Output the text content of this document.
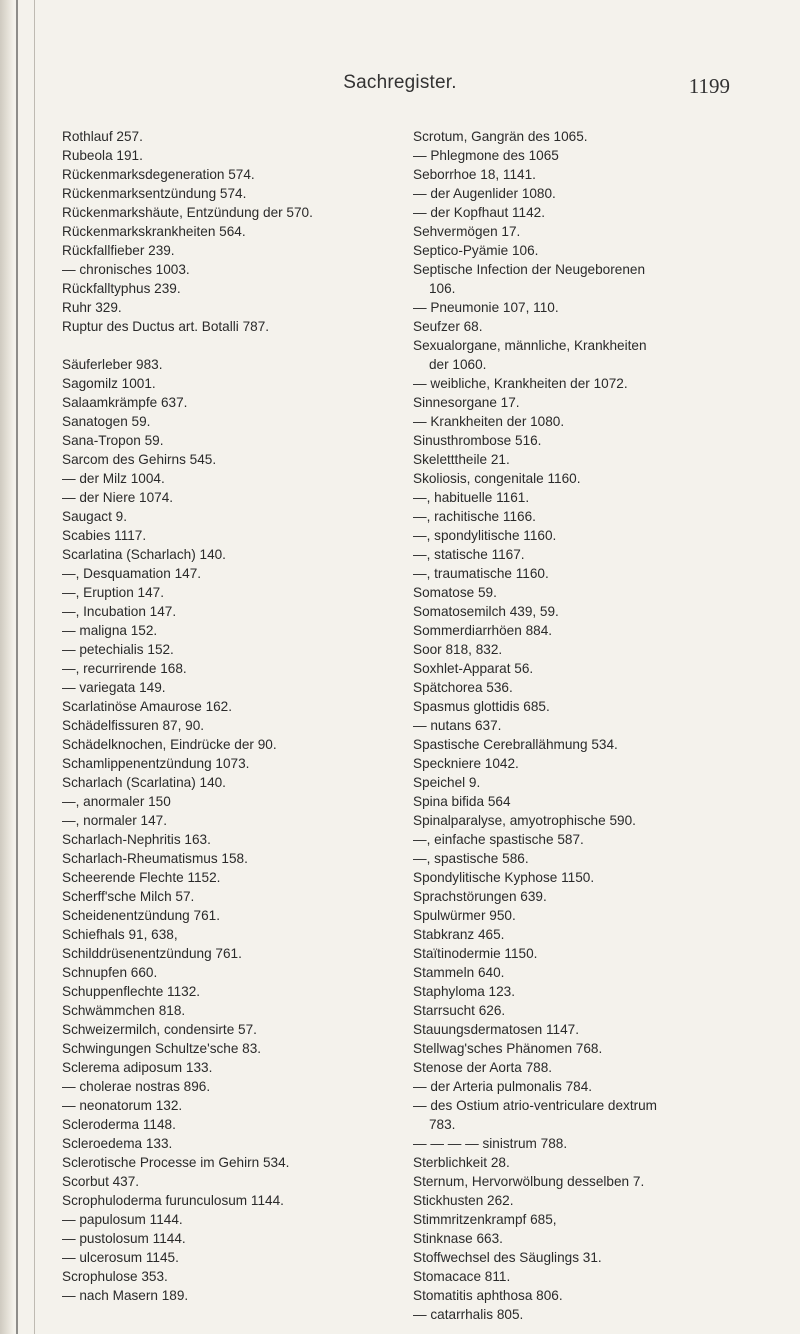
Sachregister.	1199
Rothlauf 257.
Rubeola 191.
Rückenmarksdegeneration 574.
Rückenmarksentzündung 574.
Rückenmarkshäute, Entzündung der 570.
Rückenmarkskrankheiten 564.
Rückfallfieber 239.
— chronisches 1003.
Rückfalltyphus 239.
Ruhr 329.
Ruptur des Ductus art. Botalli 787.
Säuferleber 983.
Sagomilz 1001.
Salaamkrämpfe 637.
Sanatogen 59.
Sana-Tropon 59.
Sarcom des Gehirns 545.
— der Milz 1004.
— der Niere 1074.
Saugact 9.
Scabies 1117.
Scarlatina (Scharlach) 140.
—, Desquamation 147.
—, Eruption 147.
—, Incubation 147.
— maligna 152.
— petechialis 152.
—, recurrirende 168.
— variegata 149.
Scarlatinöse Amaurose 162.
Schädelfissuren 87, 90.
Schädelknochen, Eindrücke der 90.
Schamlippenentzündung 1073.
Scharlach (Scarlatina) 140.
—, anormaler 150
—, normaler 147.
Scharlach-Nephritis 163.
Scharlach-Rheumatismus 158.
Scheerende Flechte 1152.
Scherff'sche Milch 57.
Scheidenentzündung 761.
Schiefhals 91, 638,
Schilddrüsenentzündung 761.
Schnupfen 660.
Schuppenflechte 1132.
Schwämmchen 818.
Schweizermilch, condensirte 57.
Schwingungen Schultze'sche 83.
Sclerema adiposum 133.
— cholerae nostras 896.
— neonatorum 132.
Scleroderma 1148.
Scleroedema 133.
Sclerotische Processe im Gehirn 534.
Scorbut 437.
Scrophuloderma furunculosum 1144.
— papulosum 1144.
— pustolosum 1144.
— ulcerosum 1145.
Scrophulose 353.
— nach Masern 189.
Scrotum, Gangrän des 1065.
— Phlegmone des 1065
Seborrhoe 18, 1141.
— der Augenlider 1080.
— der Kopfhaut 1142.
Sehvermögen 17.
Septico-Pyämie 106.
Septische Infection der Neugeborenen
106.
— Pneumonie 107, 110.
Seufzer 68.
Sexualorgane, männliche, Krankheiten
der 1060.
— weibliche, Krankheiten der 1072.
Sinnesorgane 17.
— Krankheiten der 1080.
Sinusthrombose 516.
Skeletttheile 21.
Skoliosis, congenitale 1160.
—, habituelle 1161.
—, rachitische 1166.
—, spondylitische 1160.
—, statische 1167.
—, traumatische 1160.
Somatose 59.
Somatosemilch 439, 59.
Sommerdiarrhöen 884.
Soor 818, 832.
Soxhlet-Apparat 56.
Spätchorea 536.
Spasmus glottidis 685.
— nutans 637.
Spastische Cerebrallähmung 534.
Speckniere 1042.
Speichel 9.
Spina bifida 564
Spinalparalyse, amyotrophische 590.
—, einfache spastische 587.
—, spastische 586.
Spondylitische Kyphose 1150.
Sprachstörungen 639.
Spulwürmer 950.
Stabkranz 465.
Staïtinodermie 1150.
Stammeln 640.
Staphyloma 123.
Starrsucht 626.
Stauungsdermatosen 1147.
Stellwag'sches Phänomen 768.
Stenose der Aorta 788.
— der Arteria pulmonalis 784.
— des Ostium atrio-ventriculare dextrum
783.
— — — — sinistrum 788.
Sterblichkeit 28.
Sternum, Hervorwölbung desselben 7.
Stickhusten 262.
Stimmritzenkrampf 685,
Stinknase 663.
Stoffwechsel des Säuglings 31.
Stomacace 811.
Stomatitis aphthosa 806.
— catarrhalis 805.
